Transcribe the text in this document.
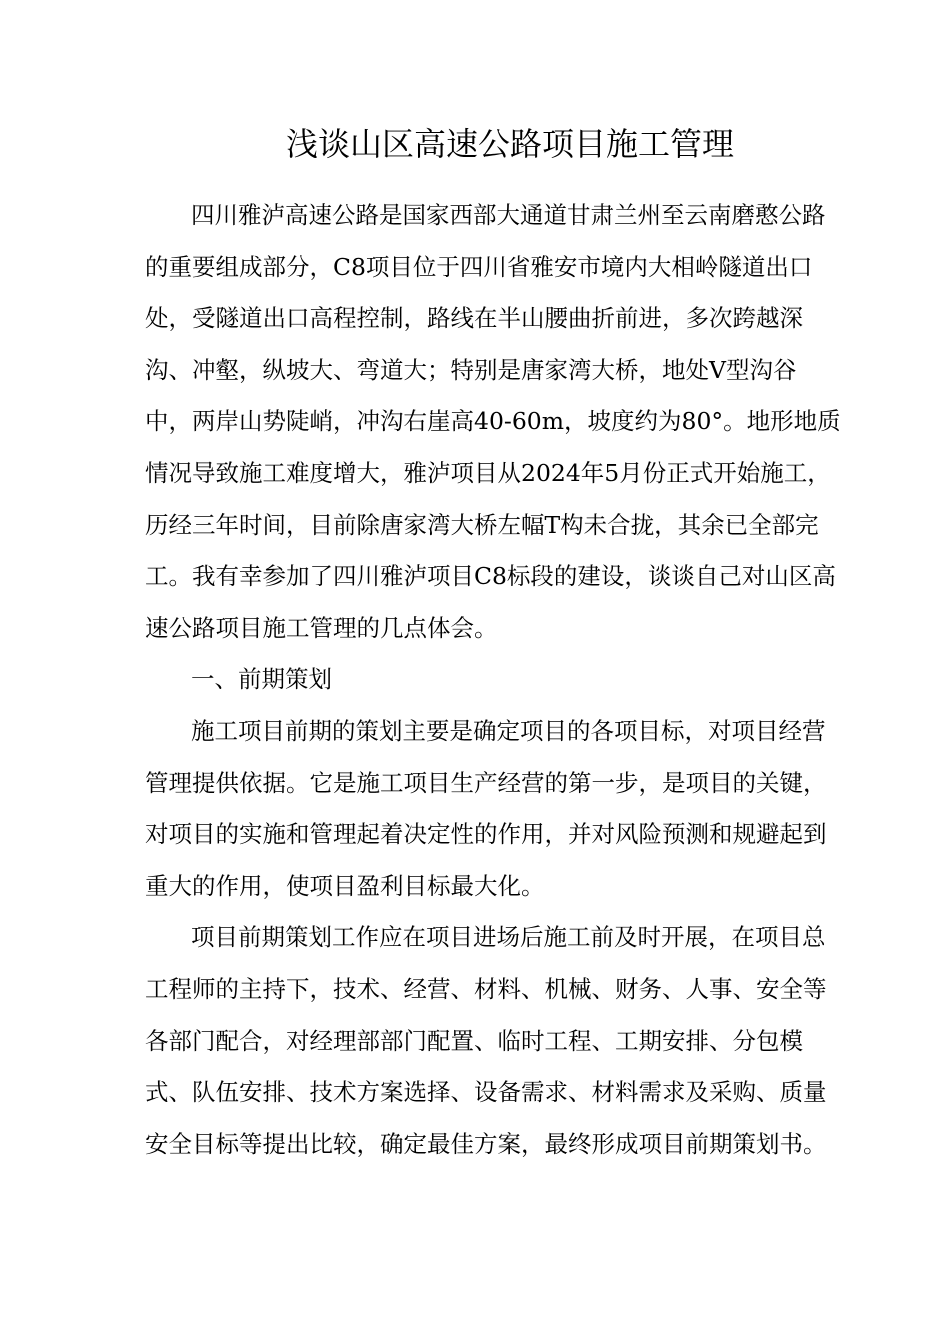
浅谈山区高速公路项目施工管理
四川雅泸高速公路是国家西部大通道甘肃兰州至云南磨憨公路
的重要组成部分，C8项目位于四川省雅安市境内大相岭隧道出口
处，受隧道出口高程控制，路线在半山腰曲折前进，多次跨越深
沟、冲壑，纵坡大、弯道大；特别是唐家湾大桥，地处V型沟谷
中，两岸山势陡峭，冲沟右崖高40-60m，坡度约为80°。地形地质
情况导致施工难度增大，雅泸项目从2024年5月份正式开始施工，
历经三年时间，目前除唐家湾大桥左幅T构未合拢，其余已全部完
工。我有幸参加了四川雅泸项目C8标段的建设，谈谈自己对山区高
速公路项目施工管理的几点体会。
一、前期策划
施工项目前期的策划主要是确定项目的各项目标，对项目经营
管理提供依据。它是施工项目生产经营的第一步，是项目的关键，
对项目的实施和管理起着决定性的作用，并对风险预测和规避起到
重大的作用，使项目盈利目标最大化。
项目前期策划工作应在项目进场后施工前及时开展，在项目总
工程师的主持下，技术、经营、材料、机械、财务、人事、安全等
各部门配合，对经理部部门配置、临时工程、工期安排、分包模
式、队伍安排、技术方案选择、设备需求、材料需求及采购、质量
安全目标等提出比较，确定最佳方案，最终形成项目前期策划书。
